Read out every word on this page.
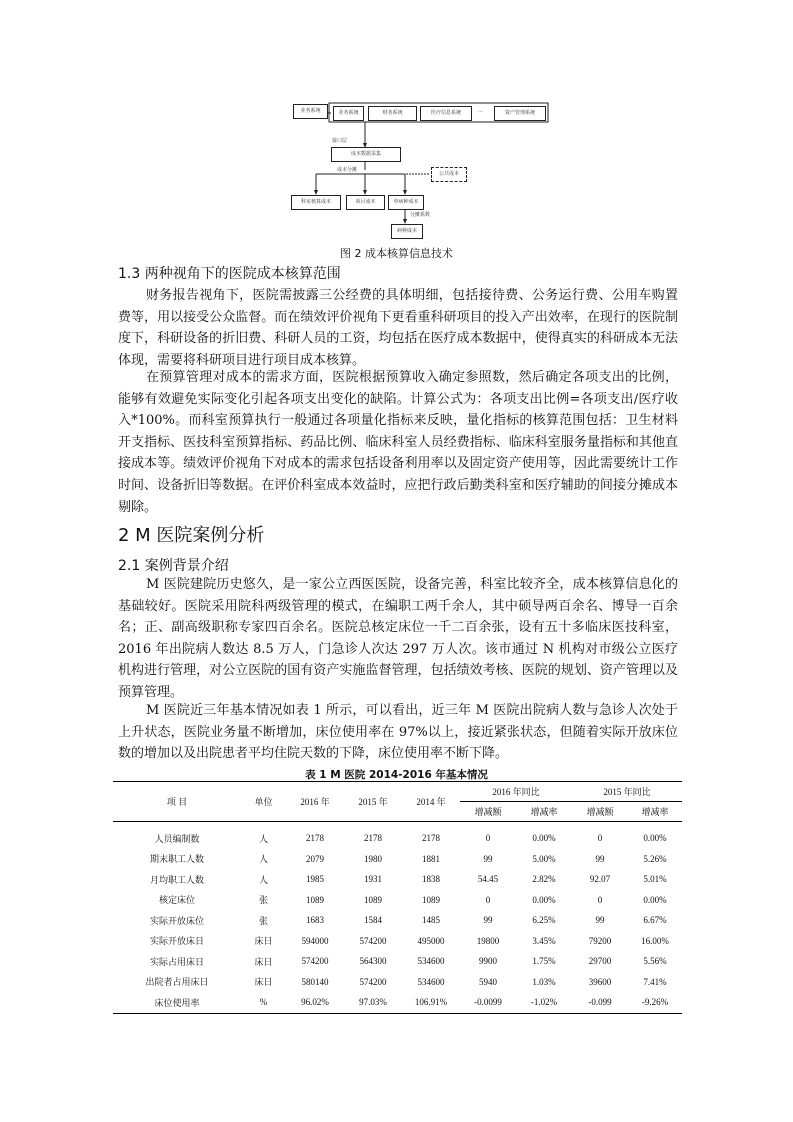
业务系统	业务系统	财务系统	医疗信息系统	…	资产管理系统
接口层
成本数据采集
成本分摊
公共成本
科室核算成本	项目成本	单病种成本
分摊系数
病种成本
图 2 成本核算信息技术
1.3 两种视角下的医院成本核算范围

财务报告视角下，医院需披露三公经费的具体明细，包括接待费、公务运行费、公用车购置费等，用以接受公众监督。而在绩效评价视角下更看重科研项目的投入产出效率，在现行的医院制度下，科研设备的折旧费、科研人员的工资，均包括在医疗成本数据中，使得真实的科研成本无法体现，需要将科研项目进行项目成本核算。

在预算管理对成本的需求方面，医院根据预算收入确定参照数，然后确定各项支出的比例，能够有效避免实际变化引起各项支出变化的缺陷。计算公式为：各项支出比例=各项支出/医疗收入*100%。而科室预算执行一般通过各项量化指标来反映，量化指标的核算范围包括：卫生材料开支指标、医技科室预算指标、药品比例、临床科室人员经费指标、临床科室服务量指标和其他直接成本等。绩效评价视角下对成本的需求包括设备利用率以及固定资产使用等，因此需要统计工作时间、设备折旧等数据。在评价科室成本效益时，应把行政后勤类科室和医疗辅助的间接分摊成本剔除。

2 M 医院案例分析
2.1 案例背景介绍

M 医院建院历史悠久，是一家公立西医医院，设备完善，科室比较齐全，成本核算信息化的基础较好。医院采用院科两级管理的模式，在编职工两千余人，其中硕导两百余名、博导一百余名；正、副高级职称专家四百余名。医院总核定床位一千二百余张，设有五十多临床医技科室， 2016 年出院病人数达 8.5 万人，门急诊人次达 297 万人次。该市通过 N 机构对市级公立医疗机构进行管理，对公立医院的国有资产实施监督管理，包括绩效考核、医院的规划、资产管理以及预算管理。

M 医院近三年基本情况如表 1 所示，可以看出，近三年 M 医院出院病人数与急诊人次处于上升状态，医院业务量不断增加，床位使用率在 97%以上，接近紧张状态，但随着实际开放床位数的增加以及出院患者平均住院天数的下降，床位使用率不断下降。

表 1 M 医院 2014-2016 年基本情况
项 目	单位	2016 年	2015 年	2014 年	2016 年同比		2015 年同比	
					增减额	增减率	增减额	增减率
人员编制数	人	2178	2178	2178	0	0.00%	0	0.00%
期末职工人数	人	2079	1980	1881	99	5.00%	99	5.26%
月均职工人数	人	1985	1931	1838	54.45	2.82%	92.07	5.01%
核定床位	张	1089	1089	1089	0	0.00%	0	0.00%
实际开放床位	张	1683	1584	1485	99	6.25%	99	6.67%
实际开放床日	床日	594000	574200	495000	19800	3.45%	79200	16.00%
实际占用床日	床日	574200	564300	534600	9900	1.75%	29700	5.56%
出院者占用床日	床日	580140	574200	534600	5940	1.03%	39600	7.41%
床位使用率	%	96.02%	97.03%	106.91%	-0.0099	-1.02%	-0.099	-9.26%
